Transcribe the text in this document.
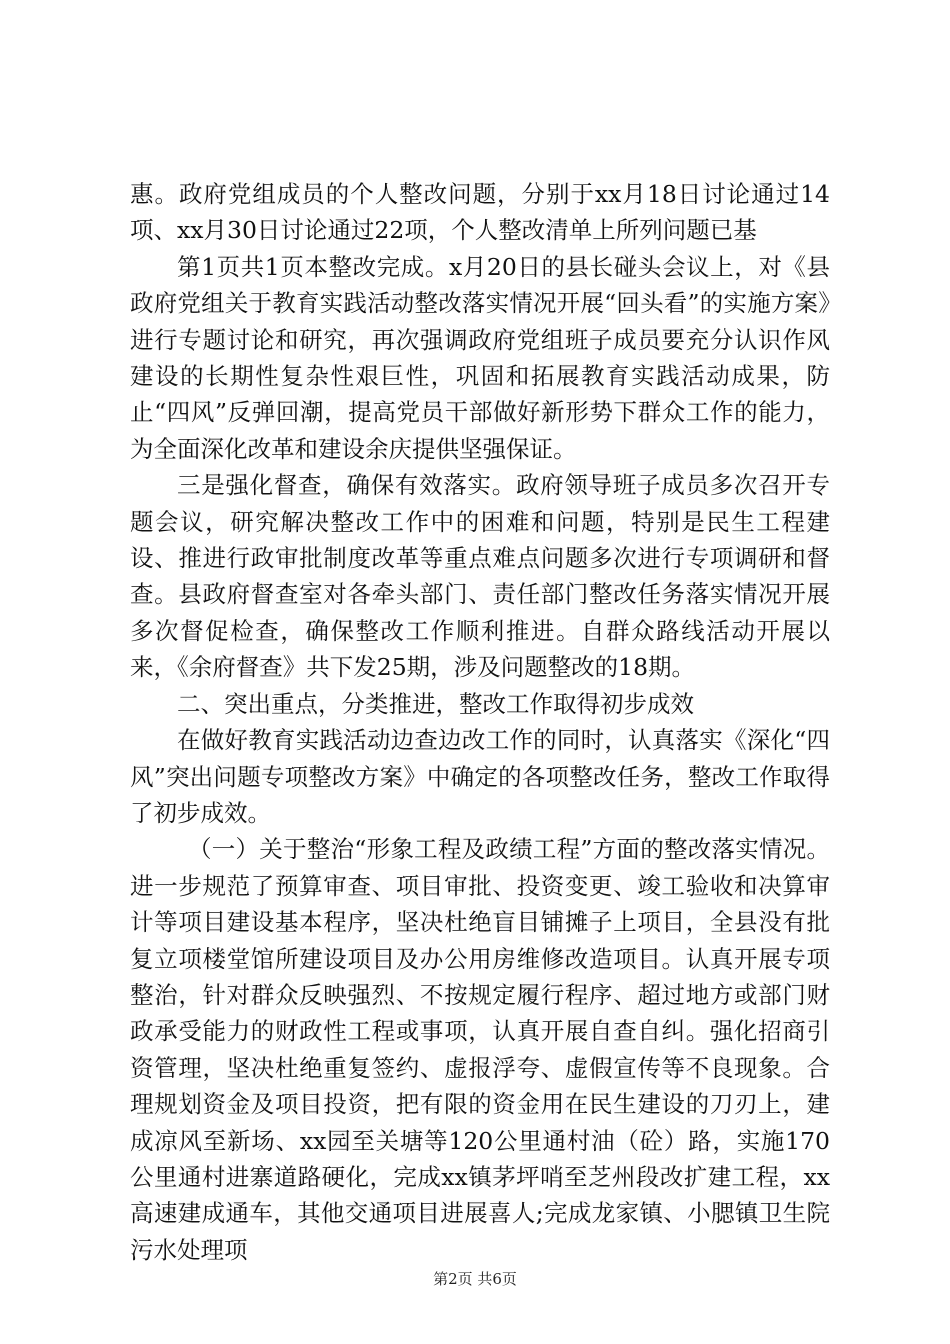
惠。政府党组成员的个人整改问题，分别于xx月18日讨论通过14项、xx月30日讨论通过22项，个人整改清单上所列问题已基

第1页共1页本整改完成。x月20日的县长碰头会议上，对《县政府党组关于教育实践活动整改落实情况开展“回头看”的实施方案》进行专题讨论和研究，再次强调政府党组班子成员要充分认识作风建设的长期性复杂性艰巨性，巩固和拓展教育实践活动成果，防止“四风”反弹回潮，提高党员干部做好新形势下群众工作的能力，为全面深化改革和建设余庆提供坚强保证。

三是强化督查，确保有效落实。政府领导班子成员多次召开专题会议，研究解决整改工作中的困难和问题，特别是民生工程建设、推进行政审批制度改革等重点难点问题多次进行专项调研和督查。县政府督查室对各牵头部门、责任部门整改任务落实情况开展多次督促检查，确保整改工作顺利推进。自群众路线活动开展以来，《余府督查》共下发25期，涉及问题整改的18期。

二、突出重点，分类推进，整改工作取得初步成效

在做好教育实践活动边查边改工作的同时，认真落实《深化“四风”突出问题专项整改方案》中确定的各项整改任务，整改工作取得了初步成效。

（一）关于整治“形象工程及政绩工程”方面的整改落实情况。进一步规范了预算审查、项目审批、投资变更、竣工验收和决算审计等项目建设基本程序，坚决杜绝盲目铺摊子上项目，全县没有批复立项楼堂馆所建设项目及办公用房维修改造项目。认真开展专项整治，针对群众反映强烈、不按规定履行程序、超过地方或部门财政承受能力的财政性工程或事项，认真开展自查自纠。强化招商引资管理，坚决杜绝重复签约、虚报浮夸、虚假宣传等不良现象。合理规划资金及项目投资，把有限的资金用在民生建设的刀刃上，建成凉风至新场、xx园至关塘等120公里通村油（砼）路，实施170公里通村进寨道路硬化，完成xx镇茅坪哨至芝州段改扩建工程，xx高速建成通车，其他交通项目进展喜人;完成龙家镇、小腮镇卫生院污水处理项

第2页 共6页
